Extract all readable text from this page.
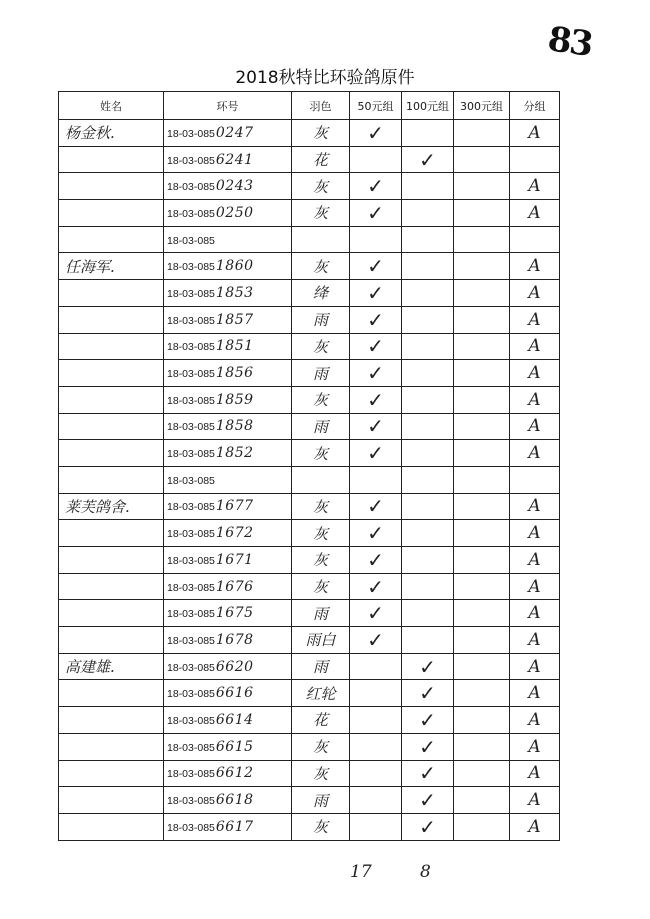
83
2018秋特比环验鸽原件
姓名	环号	羽色	50元组	100元组	300元组	分组
杨金秋.	18-03-0850247	灰	✓			A
	18-03-0856241	花		✓		
	18-03-0850243	灰	✓			A
	18-03-0850250	灰	✓			A
	18-03-085					
任海军.	18-03-0851860	灰	✓			A
	18-03-0851853	绛	✓			A
	18-03-0851857	雨	✓			A
	18-03-0851851	灰	✓			A
	18-03-0851856	雨	✓			A
	18-03-0851859	灰	✓			A
	18-03-0851858	雨	✓			A
	18-03-0851852	灰	✓			A
	18-03-085					
莱芙鸽舍.	18-03-0851677	灰	✓			A
	18-03-0851672	灰	✓			A
	18-03-0851671	灰	✓			A
	18-03-0851676	灰	✓			A
	18-03-0851675	雨	✓			A
	18-03-0851678	雨白	✓			A
高建雄.	18-03-0856620	雨		✓		A
	18-03-0856616	红轮		✓		A
	18-03-0856614	花		✓		A
	18-03-0856615	灰		✓		A
	18-03-0856612	灰		✓		A
	18-03-0856618	雨		✓		A
	18-03-0856617	灰		✓		A
17	8
